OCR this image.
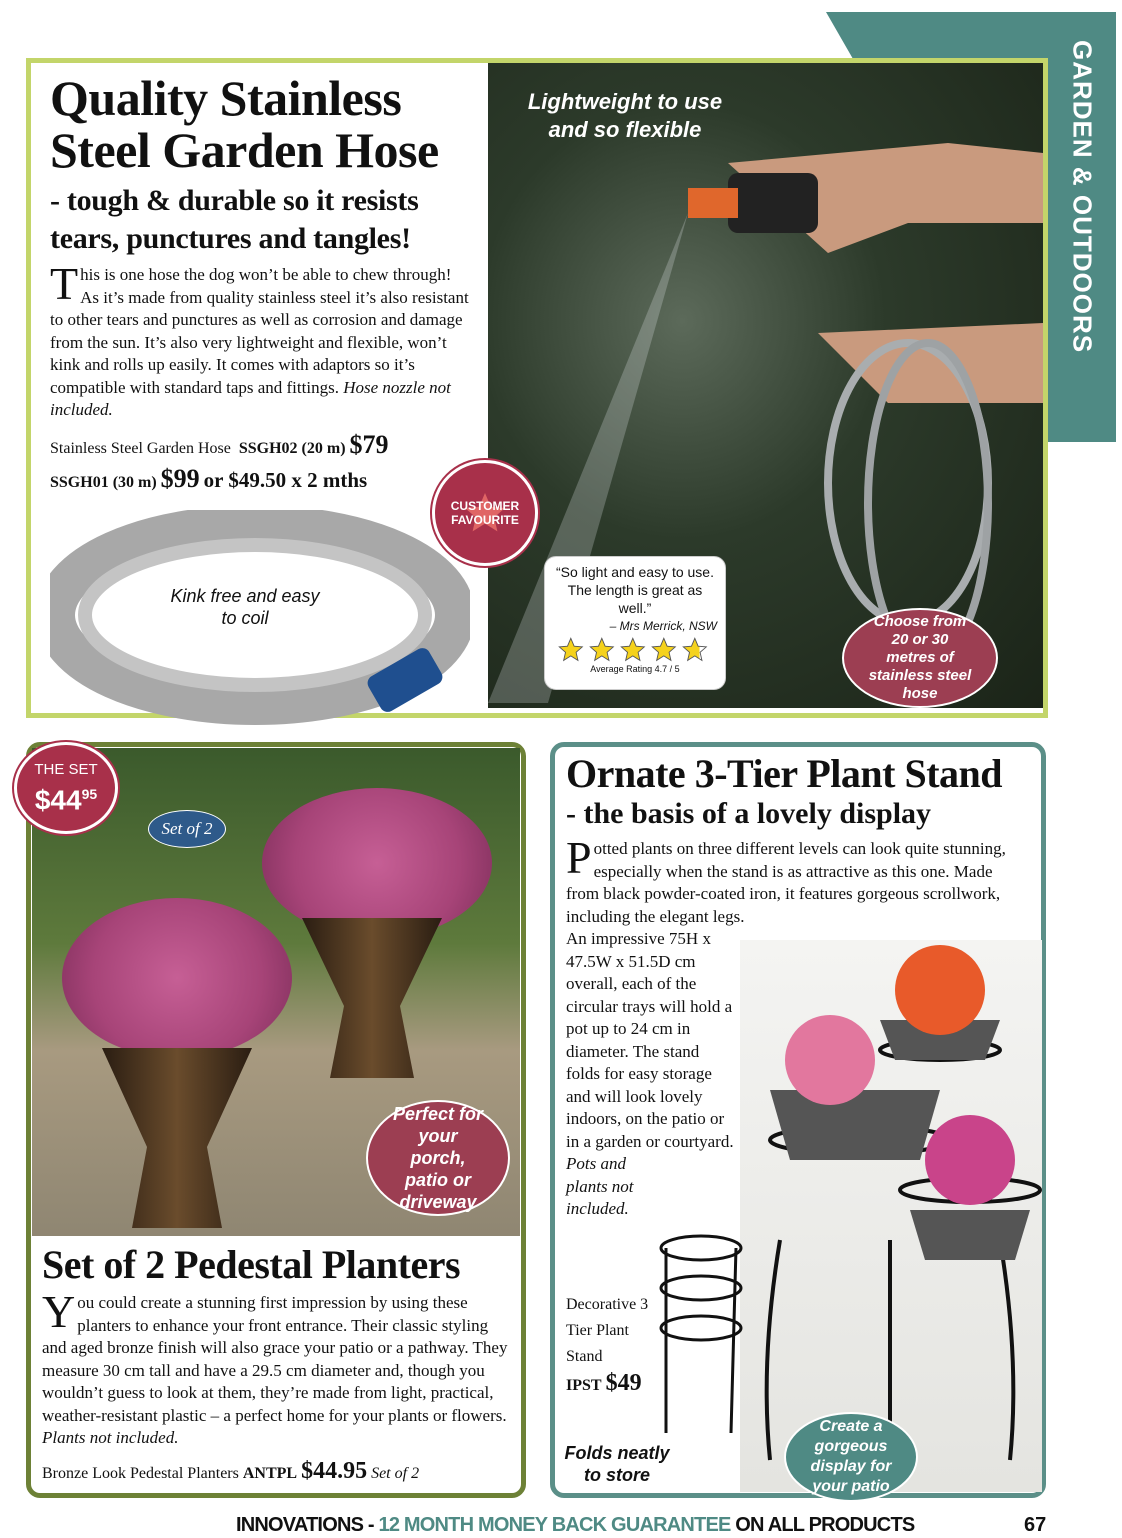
GARDEN & OUTDOORS
Lightweight to use and so flexible
Quality Stainless
Steel Garden Hose
- tough & durable so it resists
tears, punctures and tangles!

This is one hose the dog won’t be able to chew through! As it’s made from quality stainless steel it’s also resistant to other tears and punctures as well as corrosion and damage from the sun. It’s also very lightweight and flexible, won’t kink and rolls up easily. It comes with adaptors so it’s compatible with standard taps and fittings. Hose nozzle not included.

Stainless Steel Garden Hose SSGH02 (20 m) $79
SSGH01 (30 m) $99 or $49.50 x 2 mths
Kink free and easy to coil
CUSTOMER FAVOURITE
“So light and easy to use. The length is great as well.”
– Mrs Merrick, NSW
Average Rating 4.7 / 5
Choose from 20 or 30 metres of stainless steel hose
THE SET
$\$44^{95}$
Set of 2
Perfect for your porch, patio or driveway
Set of 2 Pedestal Planters

You could create a stunning first impression by using these planters to enhance your front entrance. Their classic styling and aged bronze finish will also grace your patio or a pathway. They measure 30 cm tall and have a 29.5 cm diameter and, though you wouldn’t guess to look at them, they’re made from light, practical, weather-resistant plastic – a perfect home for your plants or flowers. Plants not included.

Bronze Look Pedestal Planters ANTPL $44.95 Set of 2
Ornate 3-Tier Plant Stand
- the basis of a lovely display

Potted plants on three different levels can look quite stunning, especially when the stand is as attractive as this one. Made from black powder-coated iron, it features gorgeous scrollwork, including the elegant legs.

An impressive 75H x 47.5W x 51.5D cm overall, each of the circular trays will hold a pot up to 24 cm in diameter. The stand folds for easy storage and will look lovely indoors, on the patio or in a garden or courtyard.
Pots and plants not included.

Decorative 3 Tier Plant Stand
IPST $49
Folds neatly to store
Create a gorgeous display for your patio
INNOVATIONS - 12 MONTH MONEY BACK GUARANTEE ON ALL PRODUCTS	67
